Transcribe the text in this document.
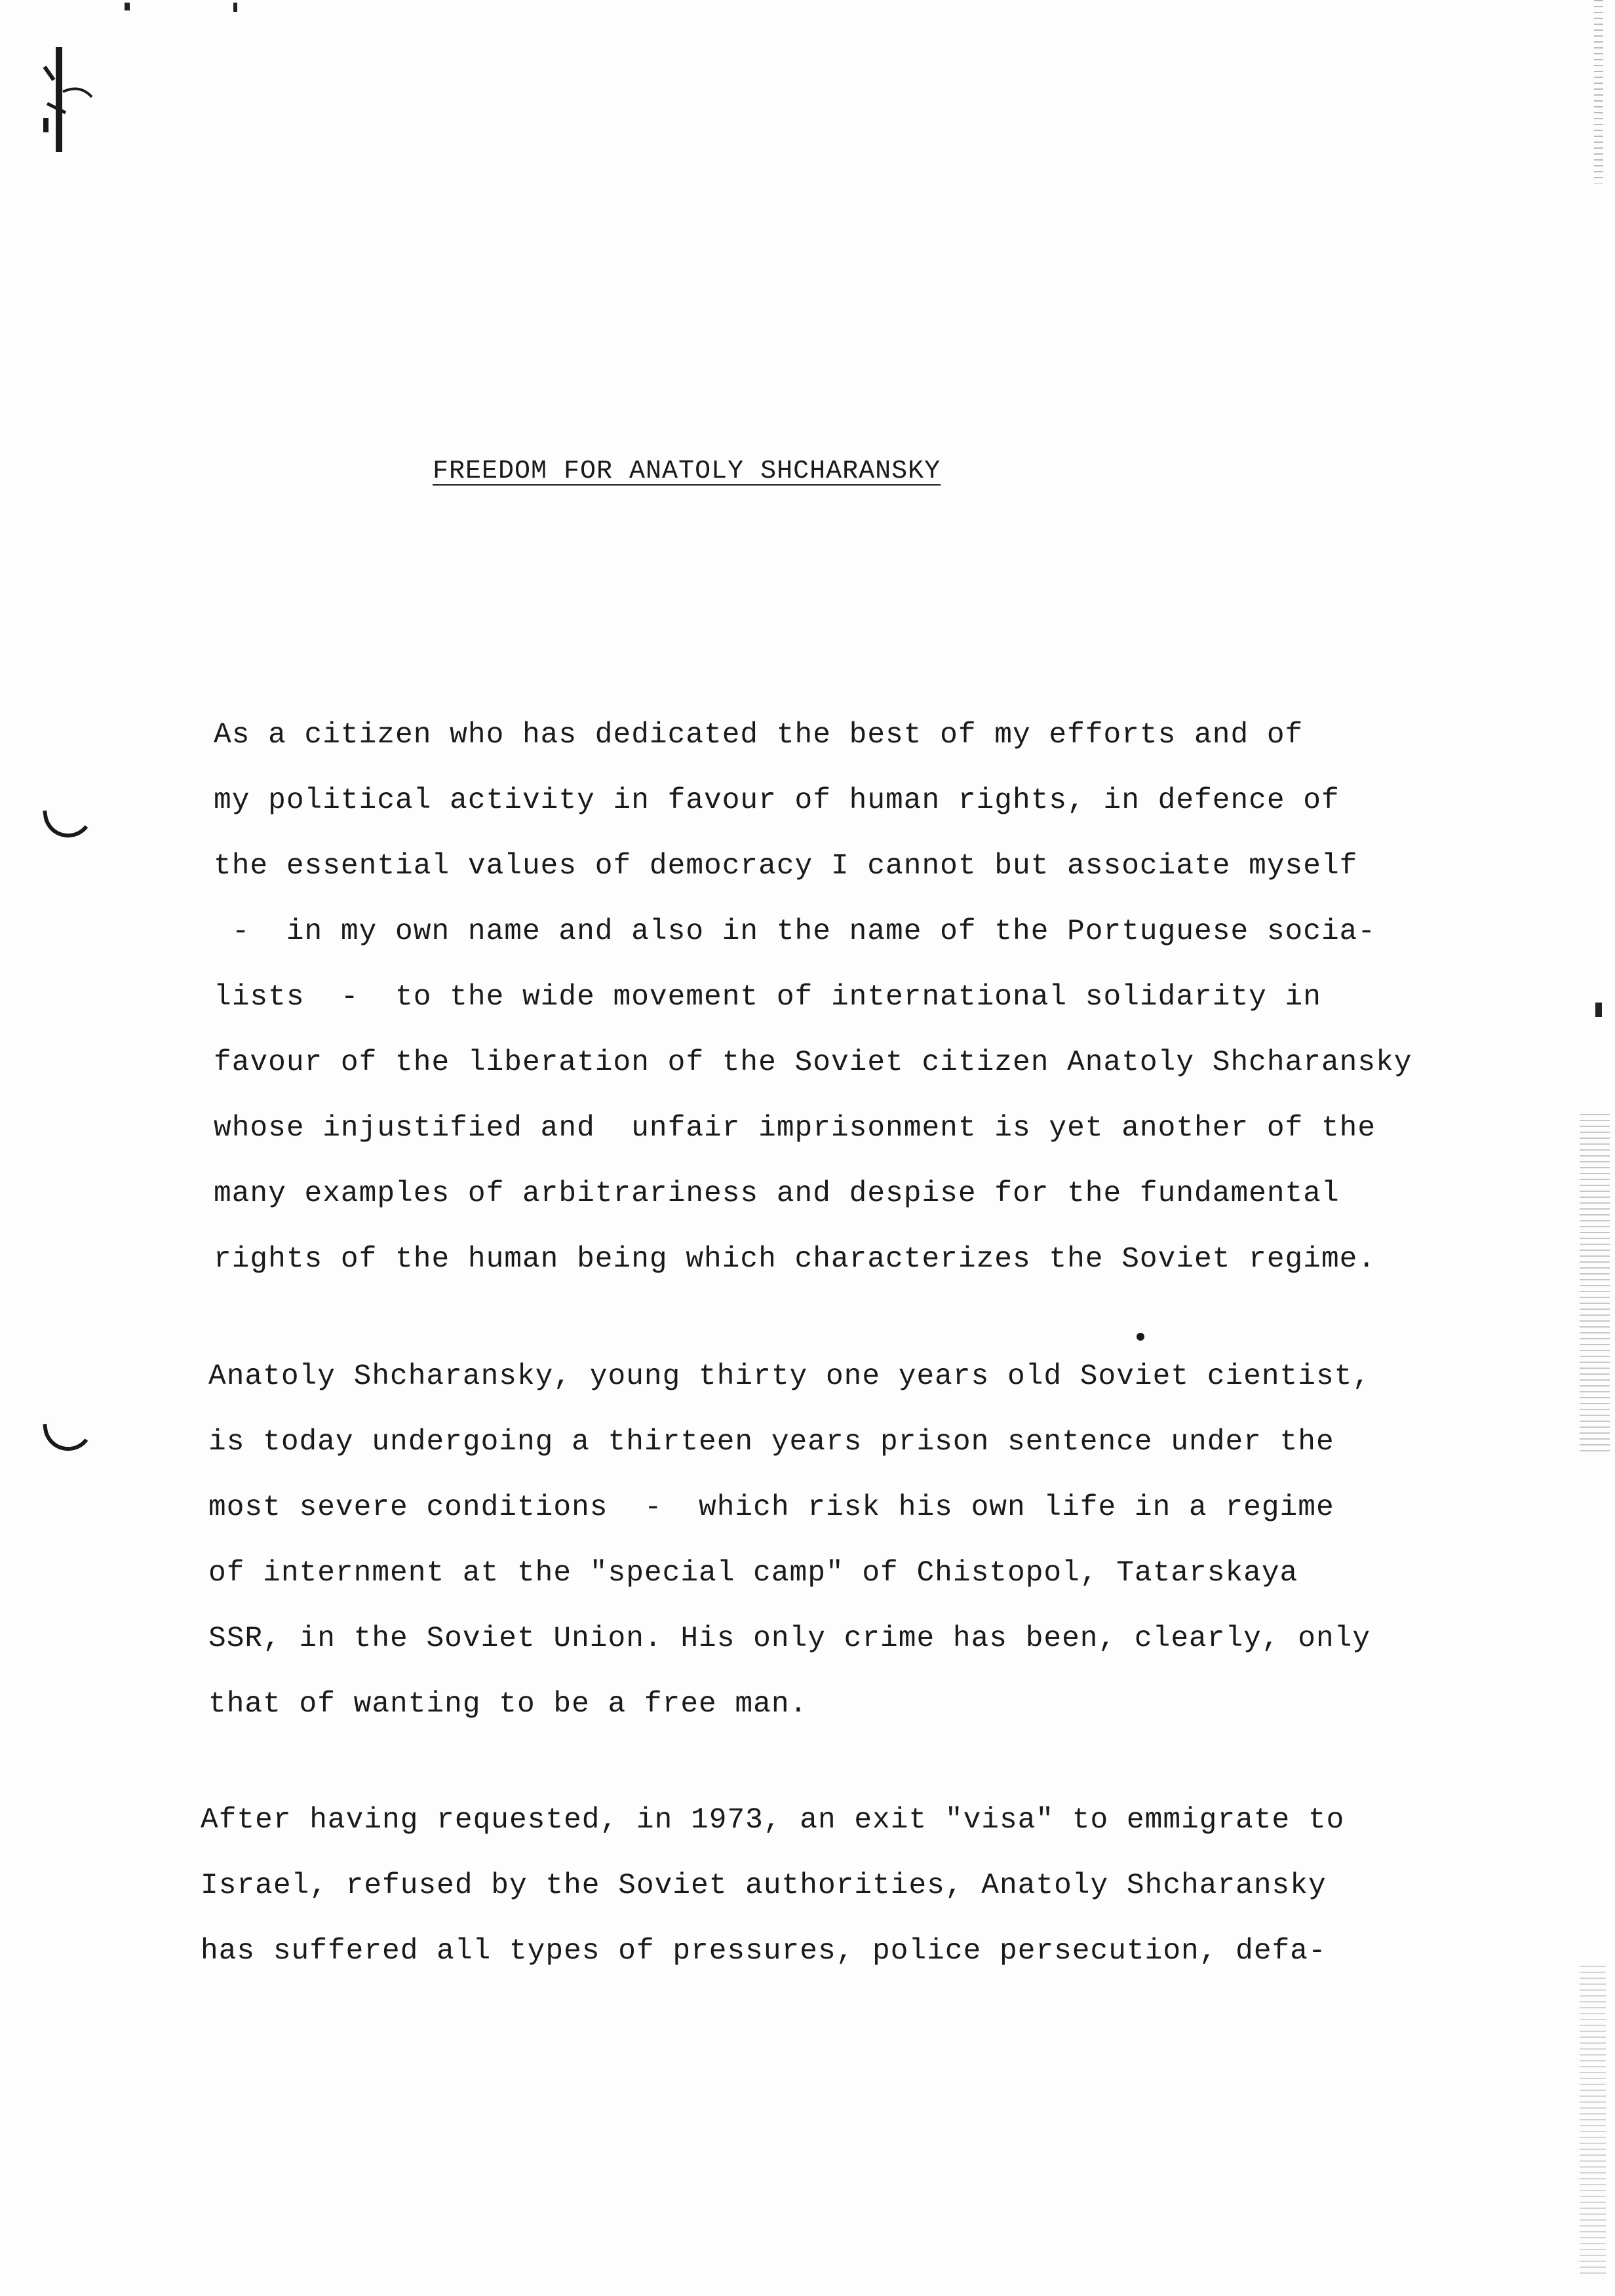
FREEDOM FOR ANATOLY SHCHARANSKY
As a citizen who has dedicated the best of my efforts and of
my political activity in favour of human rights, in defence of
the essential values of democracy I cannot but associate myself
-  in my own name and also in the name of the Portuguese socia-
lists  -  to the wide movement of international solidarity in
favour of the liberation of the Soviet citizen Anatoly Shcharansky
whose injustified and  unfair imprisonment is yet another of the
many examples of arbitrariness and despise for the fundamental
rights of the human being which characterizes the Soviet regime.
Anatoly Shcharansky, young thirty one years old Soviet cientist,
is today undergoing a thirteen years prison sentence under the
most severe conditions  -  which risk his own life in a regime
of internment at the "special camp" of Chistopol, Tatarskaya
SSR, in the Soviet Union. His only crime has been, clearly, only
that of wanting to be a free man.
After having requested, in 1973, an exit "visa" to emmigrate to
Israel, refused by the Soviet authorities, Anatoly Shcharansky
has suffered all types of pressures, police persecution, defa-
